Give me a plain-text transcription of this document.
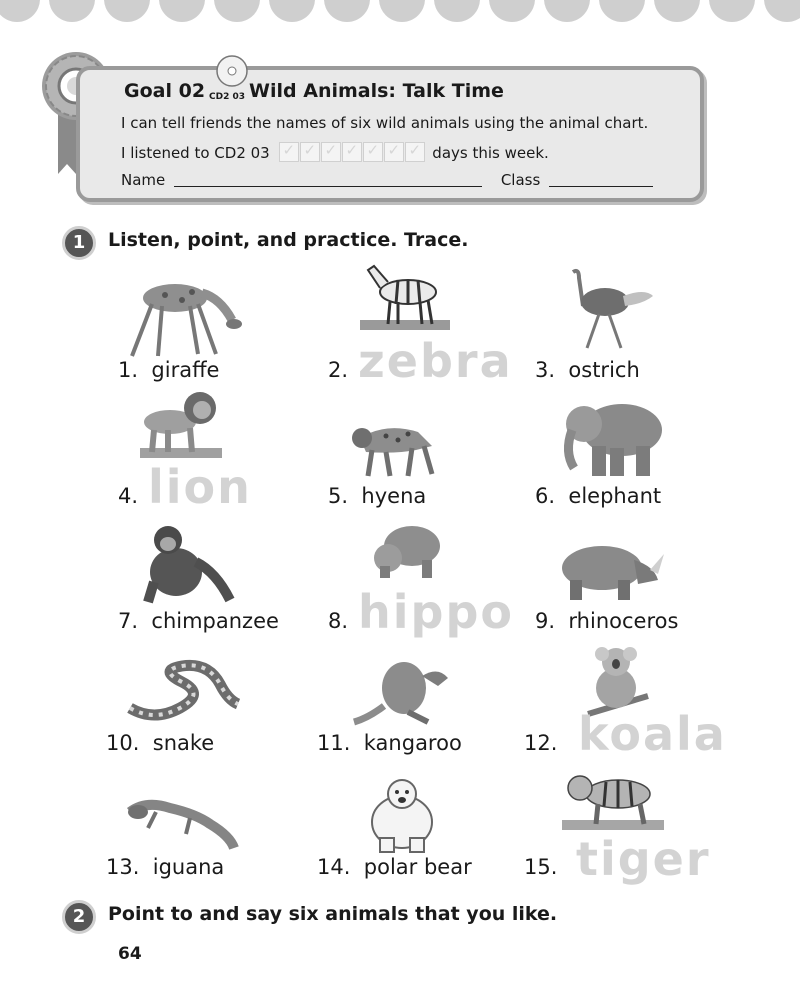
Goal 02 CD2 03 Wild Animals: Talk Time
I can tell friends the names of six wild animals using the animal chart.
I listened to CD2 03 ✓ ✓ ✓ ✓ ✓ ✓ ✓	days this week.
Name	Class
1	Listen, point, and practice. Trace.
1. giraffe	2. zebra 3. ostrich
4. lion	5. hyena	6. elephant
7. chimpanzee 8. hippo 9. rhinoceros
10. snake	11. kangaroo	12. koala
13. iguana	14. polar bear 15. tiger
2	Point to and say six animals that you like.
64
